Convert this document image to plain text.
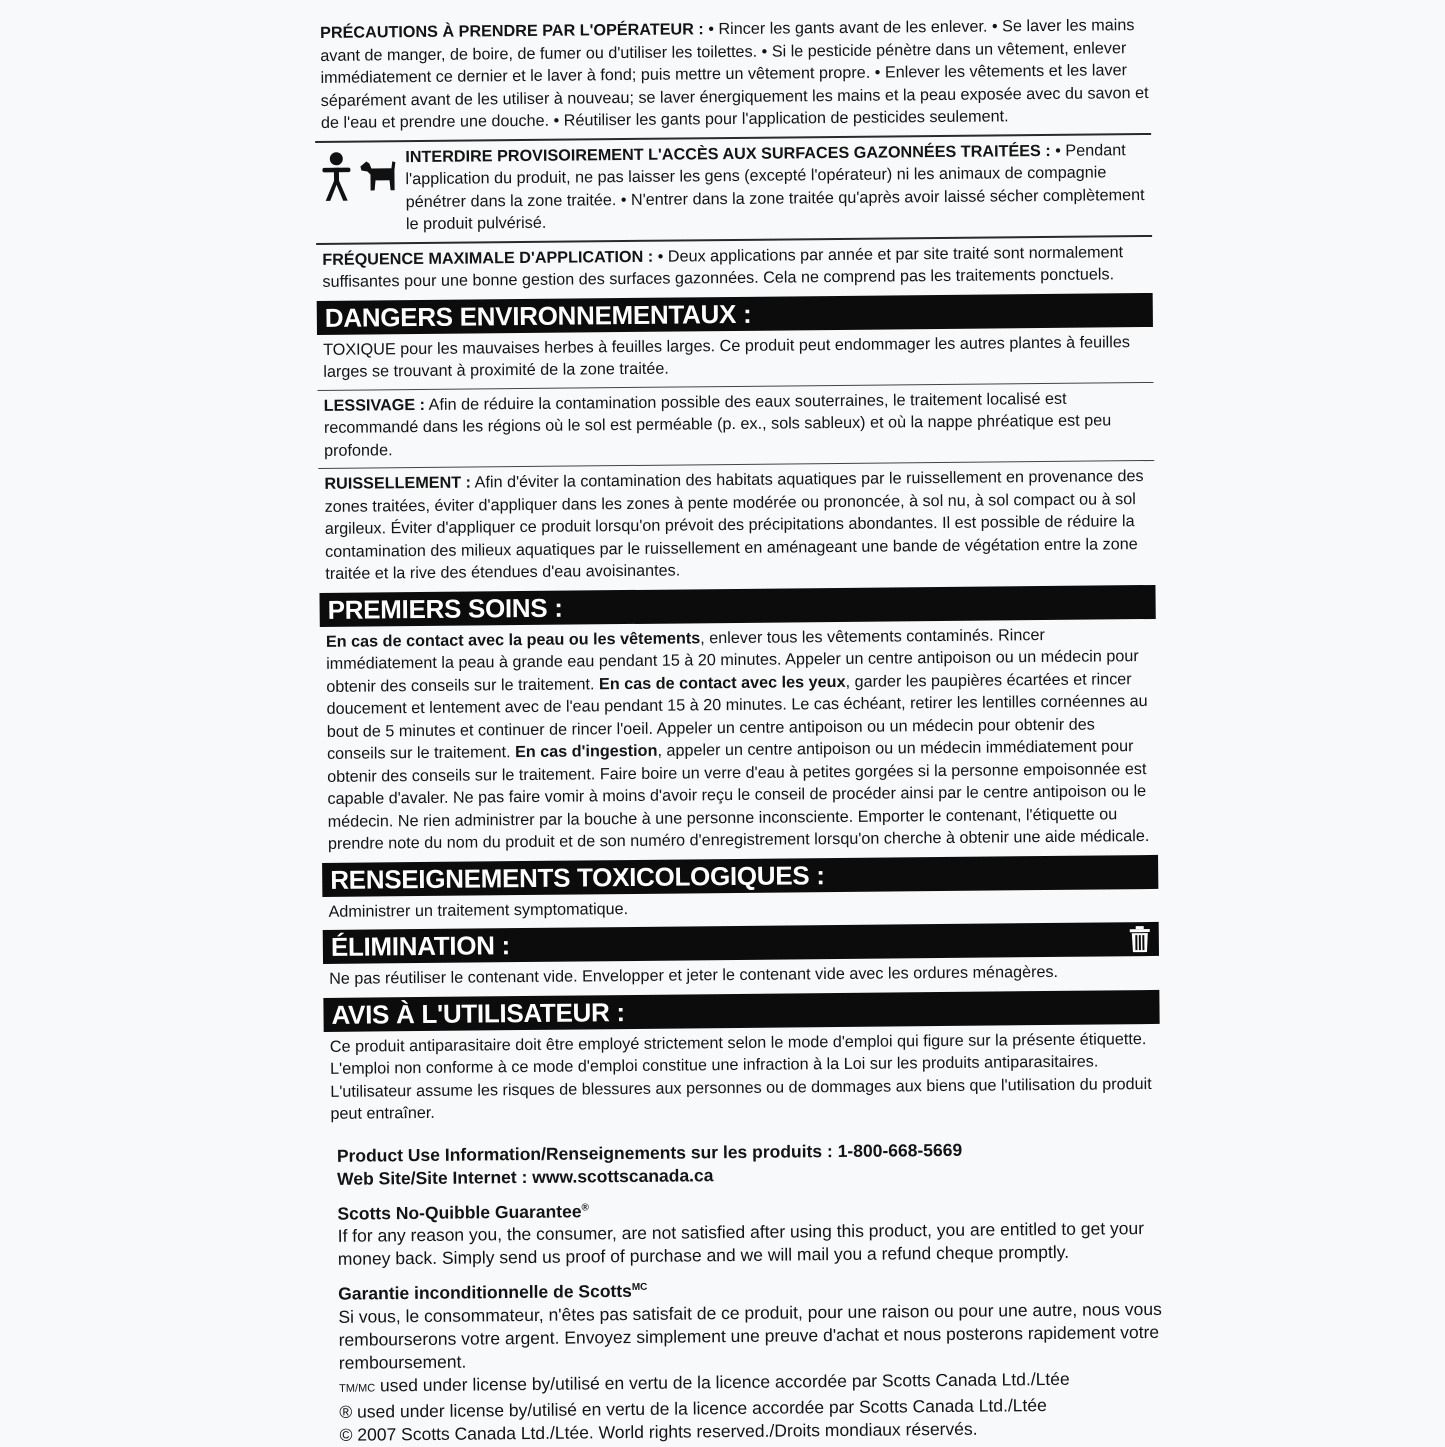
PRÉCAUTIONS À PRENDRE PAR L'OPÉRATEUR : • Rincer les gants avant de les enlever. • Se laver les mains avant de manger, de boire, de fumer ou d'utiliser les toilettes. • Si le pesticide pénètre dans un vêtement, enlever immédiatement ce dernier et le laver à fond; puis mettre un vêtement propre. • Enlever les vêtements et les laver séparément avant de les utiliser à nouveau; se laver énergiquement les mains et la peau exposée avec du savon et de l'eau et prendre une douche. • Réutiliser les gants pour l'application de pesticides seulement.

INTERDIRE PROVISOIREMENT L'ACCÈS AUX SURFACES GAZONNÉES TRAITÉES : • Pendant l'application du produit, ne pas laisser les gens (excepté l'opérateur) ni les animaux de compagnie pénétrer dans la zone traitée. • N'entrer dans la zone traitée qu'après avoir laissé sécher complètement le produit pulvérisé.

FRÉQUENCE MAXIMALE D'APPLICATION : • Deux applications par année et par site traité sont normalement suffisantes pour une bonne gestion des surfaces gazonnées. Cela ne comprend pas les traitements ponctuels.

DANGERS ENVIRONNEMENTAUX :

TOXIQUE pour les mauvaises herbes à feuilles larges. Ce produit peut endommager les autres plantes à feuilles larges se trouvant à proximité de la zone traitée.

LESSIVAGE : Afin de réduire la contamination possible des eaux souterraines, le traitement localisé est recommandé dans les régions où le sol est perméable (p. ex., sols sableux) et où la nappe phréatique est peu profonde.

RUISSELLEMENT : Afin d'éviter la contamination des habitats aquatiques par le ruissellement en provenance des zones traitées, éviter d'appliquer dans les zones à pente modérée ou prononcée, à sol nu, à sol compact ou à sol argileux. Éviter d'appliquer ce produit lorsqu'on prévoit des précipitations abondantes. Il est possible de réduire la contamination des milieux aquatiques par le ruissellement en aménageant une bande de végétation entre la zone traitée et la rive des étendues d'eau avoisinantes.

PREMIERS SOINS :

En cas de contact avec la peau ou les vêtements, enlever tous les vêtements contaminés. Rincer immédiatement la peau à grande eau pendant 15 à 20 minutes. Appeler un centre antipoison ou un médecin pour obtenir des conseils sur le traitement. En cas de contact avec les yeux, garder les paupières écartées et rincer doucement et lentement avec de l'eau pendant 15 à 20 minutes. Le cas échéant, retirer les lentilles cornéennes au bout de 5 minutes et continuer de rincer l'oeil. Appeler un centre antipoison ou un médecin pour obtenir des conseils sur le traitement. En cas d'ingestion, appeler un centre antipoison ou un médecin immédiatement pour obtenir des conseils sur le traitement. Faire boire un verre d'eau à petites gorgées si la personne empoisonnée est capable d'avaler. Ne pas faire vomir à moins d'avoir reçu le conseil de procéder ainsi par le centre antipoison ou le médecin. Ne rien administrer par la bouche à une personne inconsciente. Emporter le contenant, l'étiquette ou prendre note du nom du produit et de son numéro d'enregistrement lorsqu'on cherche à obtenir une aide médicale.

RENSEIGNEMENTS TOXICOLOGIQUES :

Administrer un traitement symptomatique.

ÉLIMINATION :

Ne pas réutiliser le contenant vide. Envelopper et jeter le contenant vide avec les ordures ménagères.

AVIS À L'UTILISATEUR :

Ce produit antiparasitaire doit être employé strictement selon le mode d'emploi qui figure sur la présente étiquette. L'emploi non conforme à ce mode d'emploi constitue une infraction à la Loi sur les produits antiparasitaires. L'utilisateur assume les risques de blessures aux personnes ou de dommages aux biens que l'utilisation du produit peut entraîner.

Product Use Information/Renseignements sur les produits : 1-800-668-5669
Web Site/Site Internet : www.scottscanada.ca
Scotts No-Quibble Guarantee®
If for any reason you, the consumer, are not satisfied after using this product, you are entitled to get your money back. Simply send us proof of purchase and we will mail you a refund cheque promptly.
Garantie inconditionnelle de Scotts$^{MC}$
Si vous, le consommateur, n'êtes pas satisfait de ce produit, pour une raison ou pour une autre, nous vous rembourserons votre argent. Envoyez simplement une preuve d'achat et nous posterons rapidement votre remboursement.
TM/MC used under license by/utilisé en vertu de la licence accordée par Scotts Canada Ltd./Ltée
® used under license by/utilisé en vertu de la licence accordée par Scotts Canada Ltd./Ltée
© 2007 Scotts Canada Ltd./Ltée. World rights reserved./Droits mondiaux réservés.
